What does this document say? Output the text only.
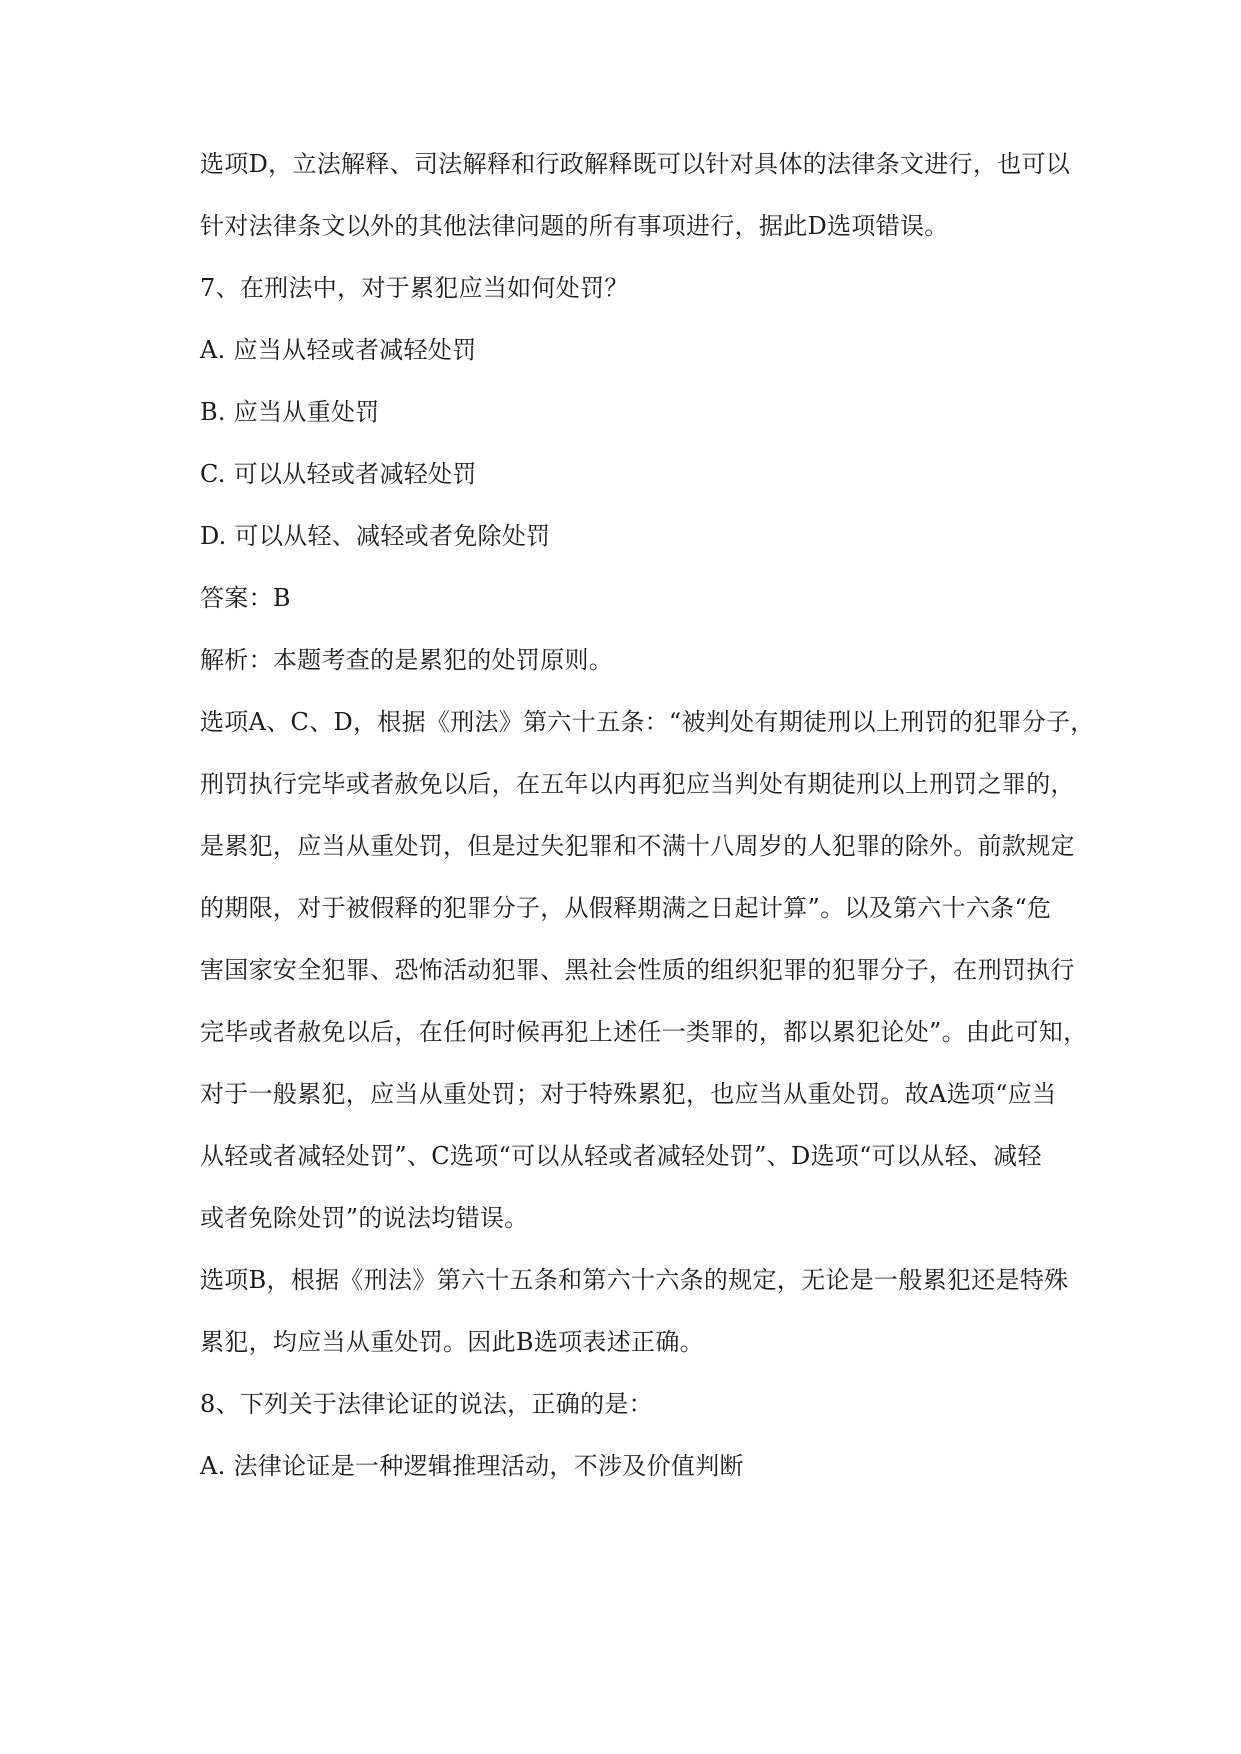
选项D，立法解释、司法解释和行政解释既可以针对具体的法律条文进行，也可以
针对法律条文以外的其他法律问题的所有事项进行，据此D选项错误。
7、在刑法中，对于累犯应当如何处罚？
A. 应当从轻或者减轻处罚
B. 应当从重处罚
C. 可以从轻或者减轻处罚
D. 可以从轻、减轻或者免除处罚
答案：B
解析：本题考查的是累犯的处罚原则。
选项A、C、D，根据《刑法》第六十五条：“被判处有期徒刑以上刑罚的犯罪分子，
刑罚执行完毕或者赦免以后，在五年以内再犯应当判处有期徒刑以上刑罚之罪的，
是累犯，应当从重处罚，但是过失犯罪和不满十八周岁的人犯罪的除外。前款规定
的期限，对于被假释的犯罪分子，从假释期满之日起计算”。以及第六十六条“危
害国家安全犯罪、恐怖活动犯罪、黑社会性质的组织犯罪的犯罪分子，在刑罚执行
完毕或者赦免以后，在任何时候再犯上述任一类罪的，都以累犯论处”。由此可知，
对于一般累犯，应当从重处罚；对于特殊累犯，也应当从重处罚。故A选项“应当
从轻或者减轻处罚”、C选项“可以从轻或者减轻处罚”、D选项“可以从轻、减轻
或者免除处罚”的说法均错误。
选项B，根据《刑法》第六十五条和第六十六条的规定，无论是一般累犯还是特殊
累犯，均应当从重处罚。因此B选项表述正确。
8、下列关于法律论证的说法，正确的是：
A. 法律论证是一种逻辑推理活动，不涉及价值判断
